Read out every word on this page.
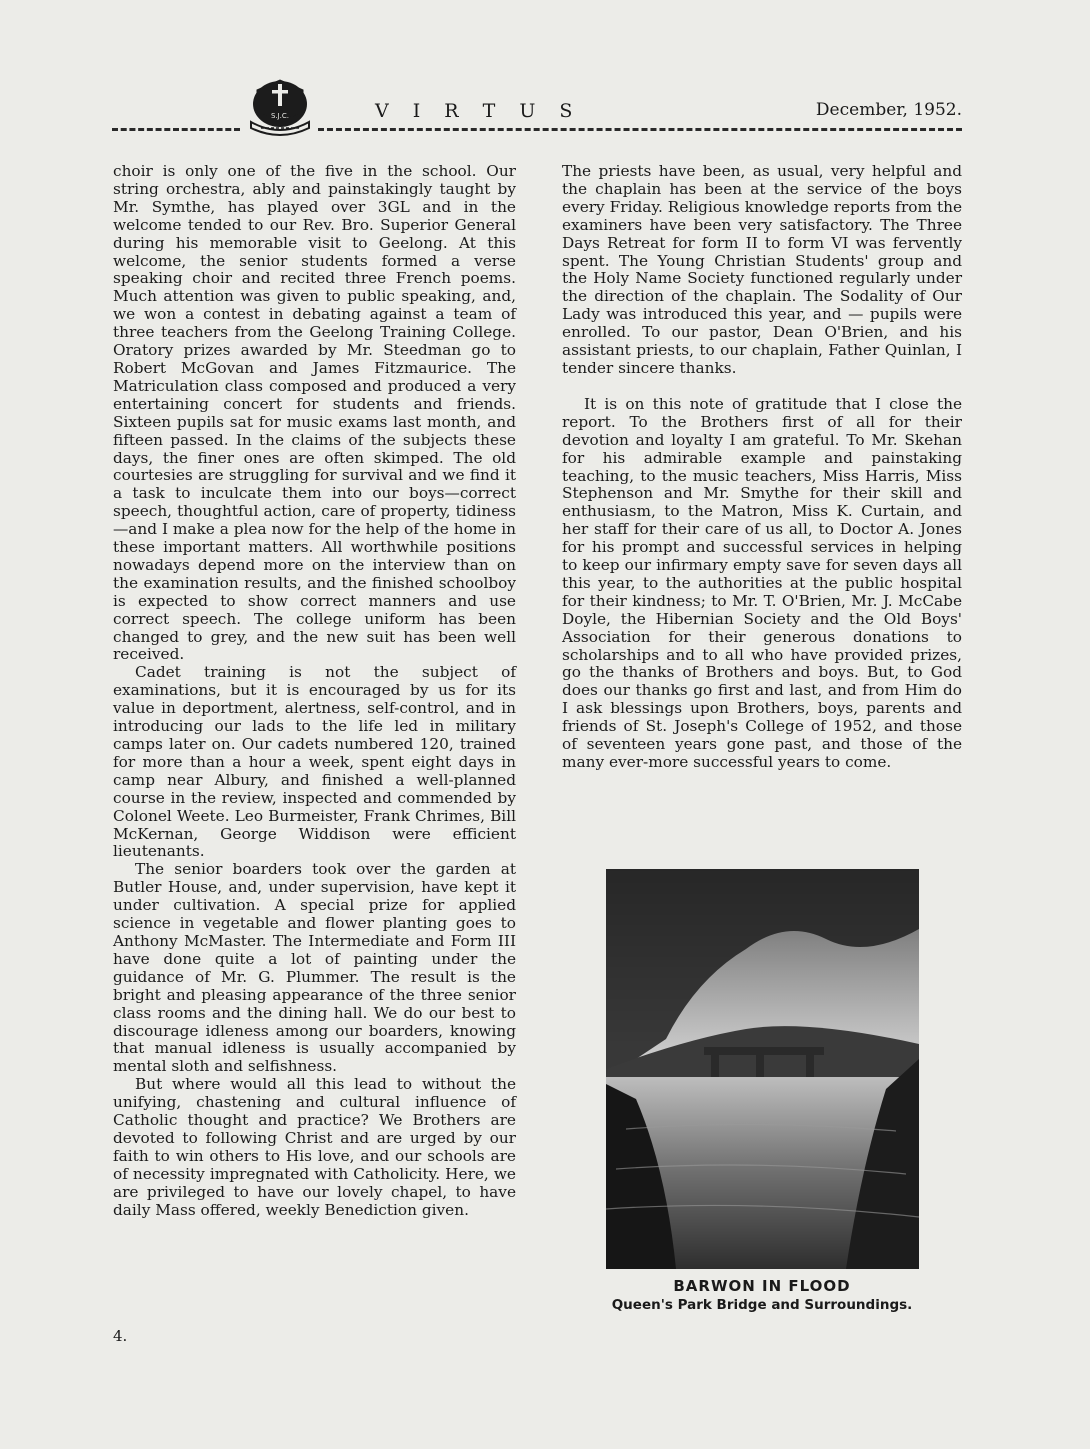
S.J.C.	V I R T U S	December, 1952.

choir is only one of the five in the school. Our string orchestra, ably and painstakingly taught by Mr. Symthe, has played over 3GL and in the welcome tended to our Rev. Bro. Superior General during his memorable visit to Geelong. At this welcome, the senior students formed a verse speaking choir and recited three French poems. Much attention was given to public speaking, and, we won a contest in debating against a team of three teachers from the Geelong Training College. Oratory prizes awarded by Mr. Steedman go to Robert McGovan and James Fitzmaurice. The Matriculation class composed and produced a very entertaining concert for students and friends. Sixteen pupils sat for music exams last month, and fifteen passed. In the claims of the subjects these days, the finer ones are often skimped. The old courtesies are struggling for survival and we find it a task to inculcate them into our boys—correct speech, thoughtful action, care of property, tidiness—and I make a plea now for the help of the home in these important matters. All worthwhile positions nowadays depend more on the interview than on the examination results, and the finished schoolboy is expected to show correct manners and use correct speech. The college uniform has been changed to grey, and the new suit has been well received.

Cadet training is not the subject of examinations, but it is encouraged by us for its value in deportment, alertness, self-control, and in introducing our lads to the life led in military camps later on. Our cadets numbered 120, trained for more than a hour a week, spent eight days in camp near Albury, and finished a well-planned course in the review, inspected and commended by Colonel Weete. Leo Burmeister, Frank Chrimes, Bill McKernan, George Widdison were efficient lieutenants.

The senior boarders took over the garden at Butler House, and, under supervision, have kept it under cultivation. A special prize for applied science in vegetable and flower planting goes to Anthony McMaster. The Intermediate and Form III have done quite a lot of painting under the guidance of Mr. G. Plummer. The result is the bright and pleasing appearance of the three senior class rooms and the dining hall. We do our best to discourage idleness among our boarders, knowing that manual idleness is usually accompanied by mental sloth and selfishness.

But where would all this lead to without the unifying, chastening and cultural influence of Catholic thought and practice? We Brothers are devoted to following Christ and are urged by our faith to win others to His love, and our schools are of necessity impregnated with Catholicity. Here, we are privileged to have our lovely chapel, to have daily Mass offered, weekly Benediction given.

The priests have been, as usual, very helpful and the chaplain has been at the service of the boys every Friday. Religious knowledge reports from the examiners have been very satisfactory. The Three Days Retreat for form II to form VI was fervently spent. The Young Christian Students' group and the Holy Name Society functioned regularly under the direction of the chaplain. The Sodality of Our Lady was introduced this year, and — pupils were enrolled. To our pastor, Dean O'Brien, and his assistant priests, to our chaplain, Father Quinlan, I tender sincere thanks.

It is on this note of gratitude that I close the report. To the Brothers first of all for their devotion and loyalty I am grateful. To Mr. Skehan for his admirable example and painstaking teaching, to the music teachers, Miss Harris, Miss Stephenson and Mr. Smythe for their skill and enthusiasm, to the Matron, Miss K. Curtain, and her staff for their care of us all, to Doctor A. Jones for his prompt and successful services in helping to keep our infirmary empty save for seven days all this year, to the authorities at the public hospital for their kindness; to Mr. T. O'Brien, Mr. J. McCabe Doyle, the Hibernian Society and the Old Boys' Association for their generous donations to scholarships and to all who have provided prizes, go the thanks of Brothers and boys. But, to God does our thanks go first and last, and from Him do I ask blessings upon Brothers, boys, parents and friends of St. Joseph's College of 1952, and those of seventeen years gone past, and those of the many ever-more successful years to come.

BARWON IN FLOOD
Queen's Park Bridge and Surroundings.
4.
